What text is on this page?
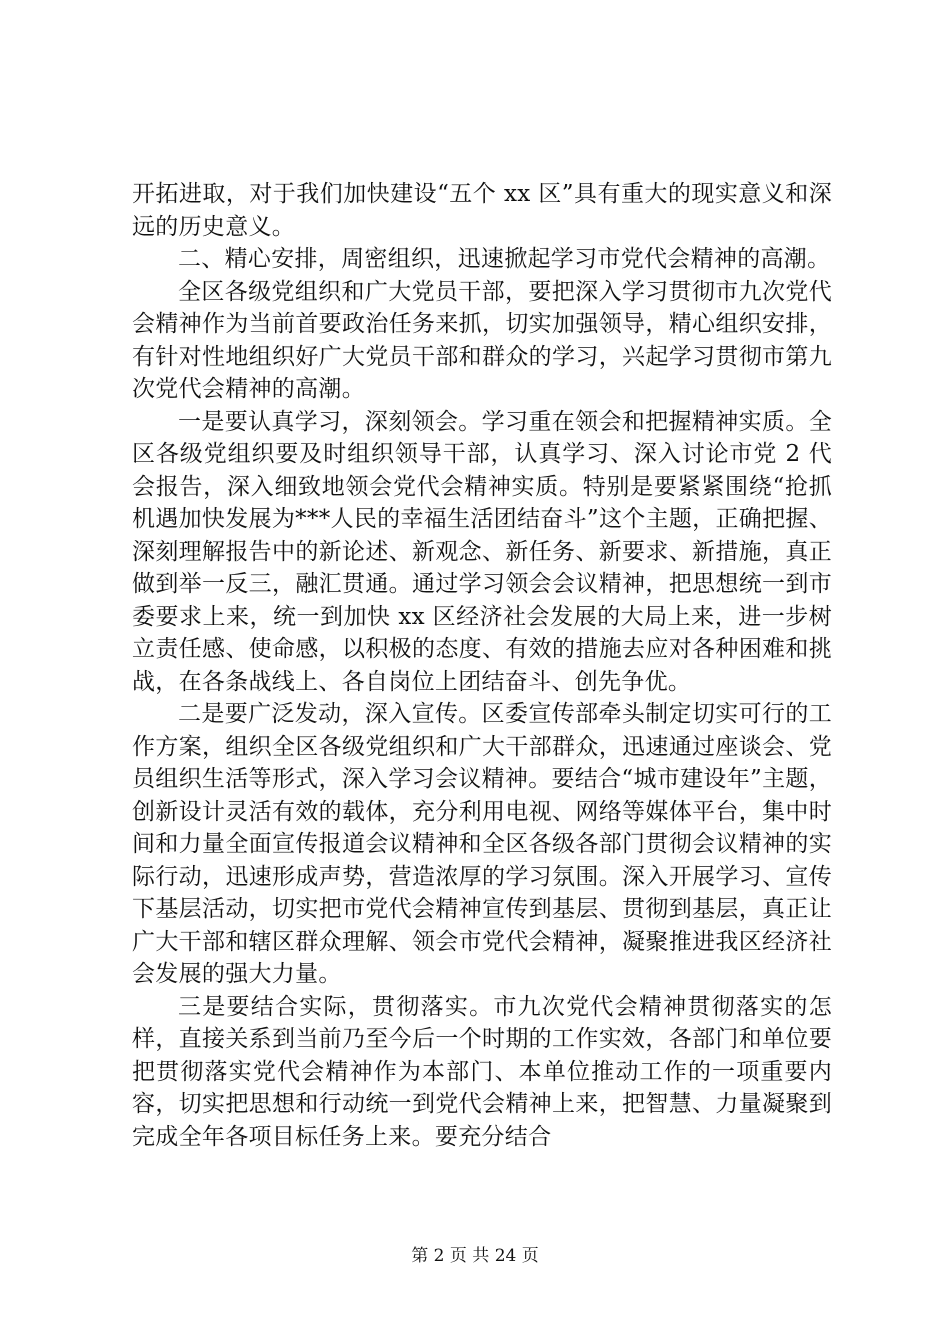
开拓进取，对于我们加快建设“五个 xx 区”具有重大的现实意义和深远的历史意义。

二、精心安排，周密组织，迅速掀起学习市党代会精神的高潮。

全区各级党组织和广大党员干部，要把深入学习贯彻市九次党代会精神作为当前首要政治任务来抓，切实加强领导，精心组织安排，有针对性地组织好广大党员干部和群众的学习，兴起学习贯彻市第九次党代会精神的高潮。

一是要认真学习，深刻领会。学习重在领会和把握精神实质。全区各级党组织要及时组织领导干部，认真学习、深入讨论市党 2 代会报告，深入细致地领会党代会精神实质。特别是要紧紧围绕“抢抓机遇加快发展为***人民的幸福生活团结奋斗”这个主题，正确把握、深刻理解报告中的新论述、新观念、新任务、新要求、新措施，真正做到举一反三，融汇贯通。通过学习领会会议精神，把思想统一到市委要求上来，统一到加快 xx 区经济社会发展的大局上来，进一步树立责任感、使命感，以积极的态度、有效的措施去应对各种困难和挑战，在各条战线上、各自岗位上团结奋斗、创先争优。

二是要广泛发动，深入宣传。区委宣传部牵头制定切实可行的工作方案，组织全区各级党组织和广大干部群众，迅速通过座谈会、党员组织生活等形式，深入学习会议精神。要结合“城市建设年”主题，创新设计灵活有效的载体，充分利用电视、网络等媒体平台，集中时间和力量全面宣传报道会议精神和全区各级各部门贯彻会议精神的实际行动，迅速形成声势，营造浓厚的学习氛围。深入开展学习、宣传下基层活动，切实把市党代会精神宣传到基层、贯彻到基层，真正让广大干部和辖区群众理解、领会市党代会精神，凝聚推进我区经济社会发展的强大力量。

三是要结合实际，贯彻落实。市九次党代会精神贯彻落实的怎样，直接关系到当前乃至今后一个时期的工作实效，各部门和单位要把贯彻落实党代会精神作为本部门、本单位推动工作的一项重要内容，切实把思想和行动统一到党代会精神上来，把智慧、力量凝聚到完成全年各项目标任务上来。要充分结合

第 2 页 共 24 页
